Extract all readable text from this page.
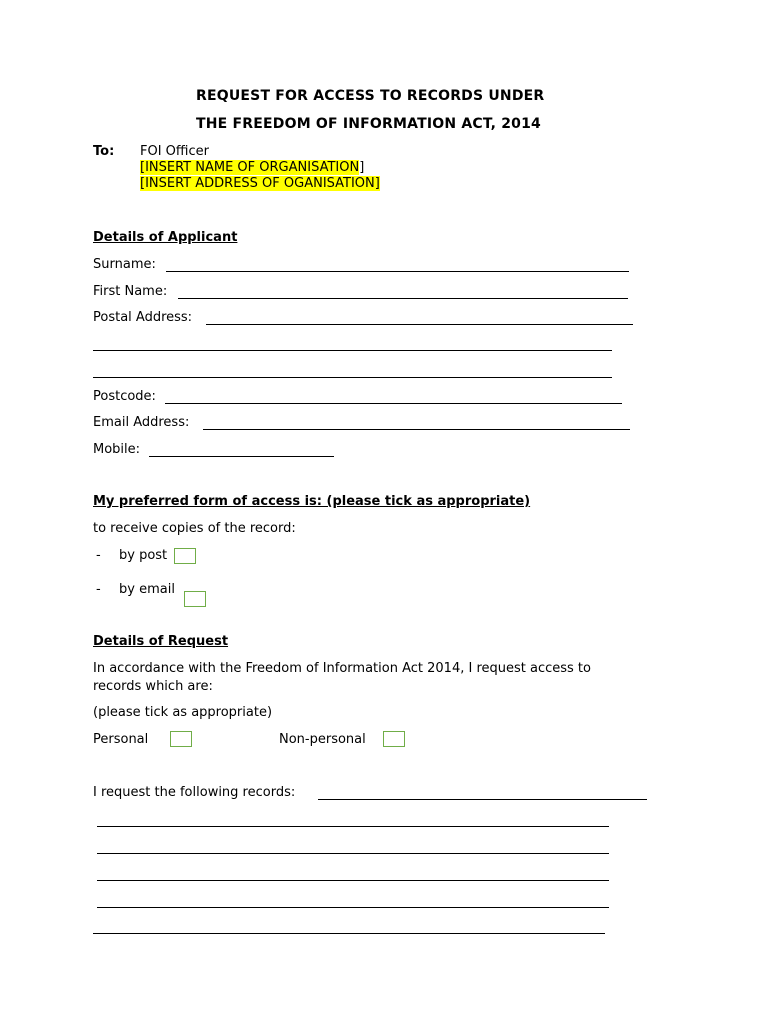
REQUEST FOR ACCESS TO RECORDS UNDER
THE FREEDOM OF INFORMATION ACT, 2014
To: FOI Officer
[INSERT NAME OF ORGANISATION]
[INSERT ADDRESS OF OGANISATION]
Details of Applicant
Surname:
First Name:
Postal Address:
Postcode:
Email Address:
Mobile:
My preferred form of access is: (please tick as appropriate)
to receive copies of the record:
- by post
- by email
Details of Request
In accordance with the Freedom of Information Act 2014, I request access to
records which are:
(please tick as appropriate)
Personal	Non-personal
I request the following records:
